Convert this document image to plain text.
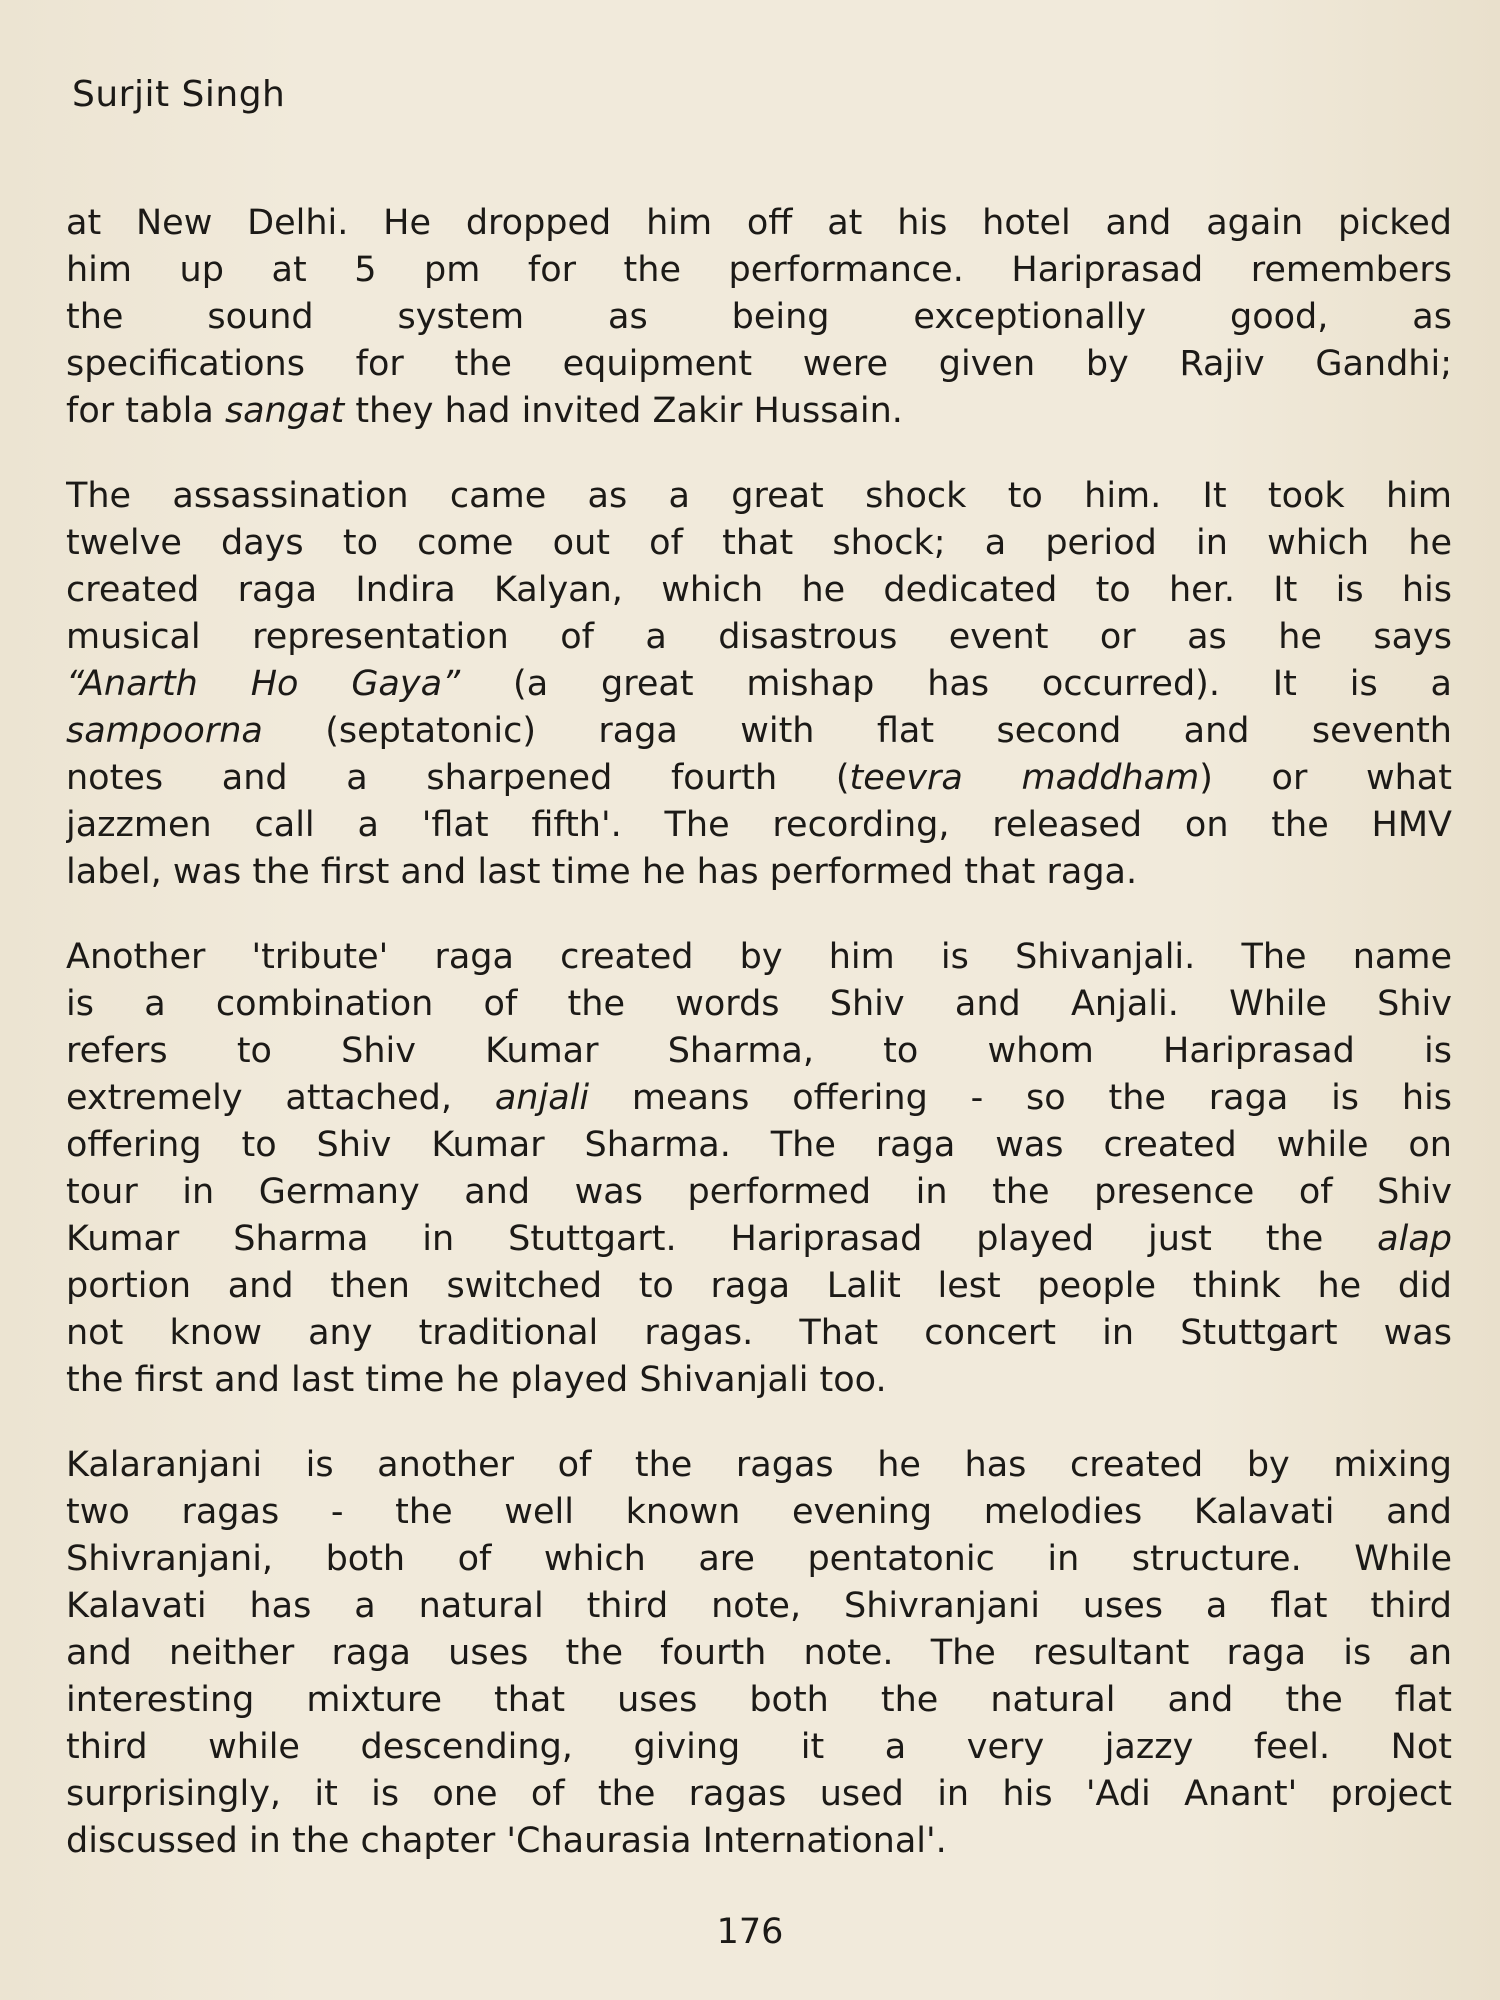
Surjit Singh
at New Delhi. He dropped him off at his hotel and again picked
him up at 5 pm for the performance. Hariprasad remembers
the sound system as being exceptionally good, as
specifications for the equipment were given by Rajiv Gandhi;
for tabla sangat they had invited Zakir Hussain.
The assassination came as a great shock to him. It took him
twelve days to come out of that shock; a period in which he
created raga Indira Kalyan, which he dedicated to her. It is his
musical representation of a disastrous event or as he says
“Anarth Ho Gaya” (a great mishap has occurred). It is a
sampoorna (septatonic) raga with flat second and seventh
notes and a sharpened fourth (teevra maddham) or what
jazzmen call a 'flat fifth'. The recording, released on the HMV
label, was the first and last time he has performed that raga.
Another 'tribute' raga created by him is Shivanjali. The name
is a combination of the words Shiv and Anjali. While Shiv
refers to Shiv Kumar Sharma, to whom Hariprasad is
extremely attached, anjali means offering - so the raga is his
offering to Shiv Kumar Sharma. The raga was created while on
tour in Germany and was performed in the presence of Shiv
Kumar Sharma in Stuttgart. Hariprasad played just the alap
portion and then switched to raga Lalit lest people think he did
not know any traditional ragas. That concert in Stuttgart was
the first and last time he played Shivanjali too.
Kalaranjani is another of the ragas he has created by mixing
two ragas - the well known evening melodies Kalavati and
Shivranjani, both of which are pentatonic in structure. While
Kalavati has a natural third note, Shivranjani uses a flat third
and neither raga uses the fourth note. The resultant raga is an
interesting mixture that uses both the natural and the flat
third while descending, giving it a very jazzy feel. Not
surprisingly, it is one of the ragas used in his 'Adi Anant' project
discussed in the chapter 'Chaurasia International'.
176
